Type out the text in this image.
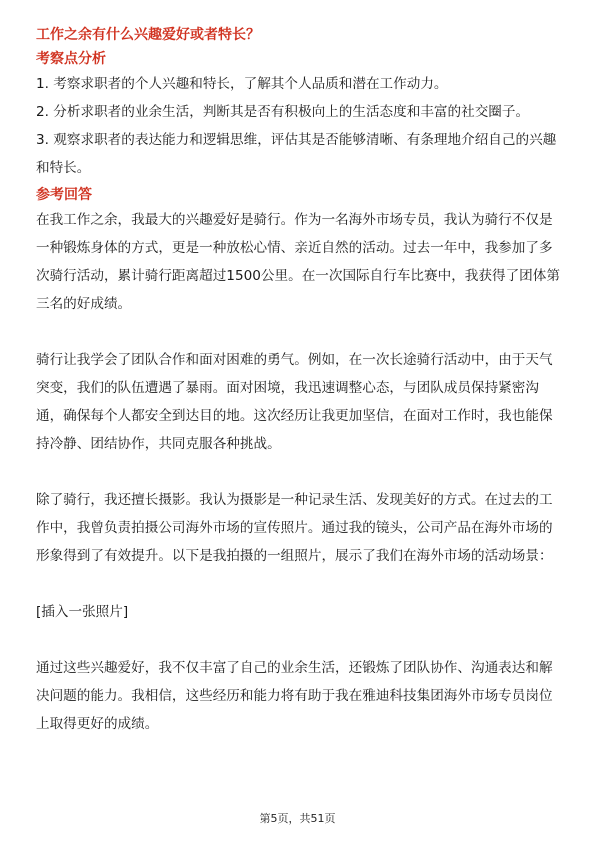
工作之余有什么兴趣爱好或者特长？
考察点分析
1. 考察求职者的个人兴趣和特长，了解其个人品质和潜在工作动力。
2. 分析求职者的业余生活，判断其是否有积极向上的生活态度和丰富的社交圈子。
3. 观察求职者的表达能力和逻辑思维，评估其是否能够清晰、有条理地介绍自己的兴趣和特长。
参考回答
在我工作之余，我最大的兴趣爱好是骑行。作为一名海外市场专员，我认为骑行不仅是一种锻炼身体的方式，更是一种放松心情、亲近自然的活动。过去一年中，我参加了多次骑行活动，累计骑行距离超过1500公里。在一次国际自行车比赛中，我获得了团体第三名的好成绩。
骑行让我学会了团队合作和面对困难的勇气。例如，在一次长途骑行活动中，由于天气突变，我们的队伍遭遇了暴雨。面对困境，我迅速调整心态，与团队成员保持紧密沟通，确保每个人都安全到达目的地。这次经历让我更加坚信，在面对工作时，我也能保持冷静、团结协作，共同克服各种挑战。
除了骑行，我还擅长摄影。我认为摄影是一种记录生活、发现美好的方式。在过去的工作中，我曾负责拍摄公司海外市场的宣传照片。通过我的镜头，公司产品在海外市场的形象得到了有效提升。以下是我拍摄的一组照片，展示了我们在海外市场的活动场景：
[插入一张照片]
通过这些兴趣爱好，我不仅丰富了自己的业余生活，还锻炼了团队协作、沟通表达和解决问题的能力。我相信，这些经历和能力将有助于我在雅迪科技集团海外市场专员岗位上取得更好的成绩。
第5页，共51页
